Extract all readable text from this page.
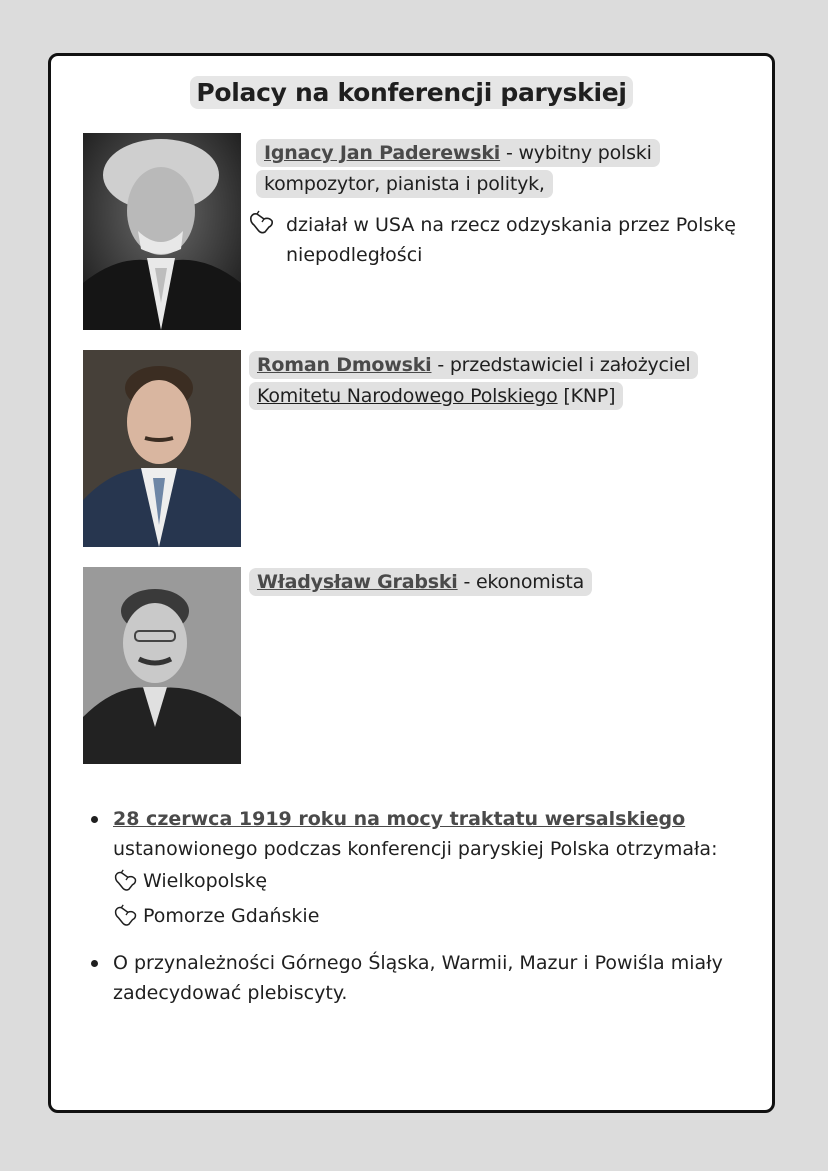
Polacy na konferencji paryskiej
Ignacy Jan Paderewski - wybitny polski kompozytor, pianista i polityk,
działał w USA na rzecz odzyskania przez Polskę niepodległości
Roman Dmowski - przedstawiciel i założyciel Komitetu Narodowego Polskiego [KNP]
Władysław Grabski - ekonomista
28 czerwca 1919 roku na mocy traktatu wersalskiego ustanowionego podczas konferencji paryskiej Polska otrzymała:
Wielkopolskę
Pomorze Gdańskie
O przynależności Górnego Śląska, Warmii, Mazur i Powiśla miały zadecydować plebiscyty.
